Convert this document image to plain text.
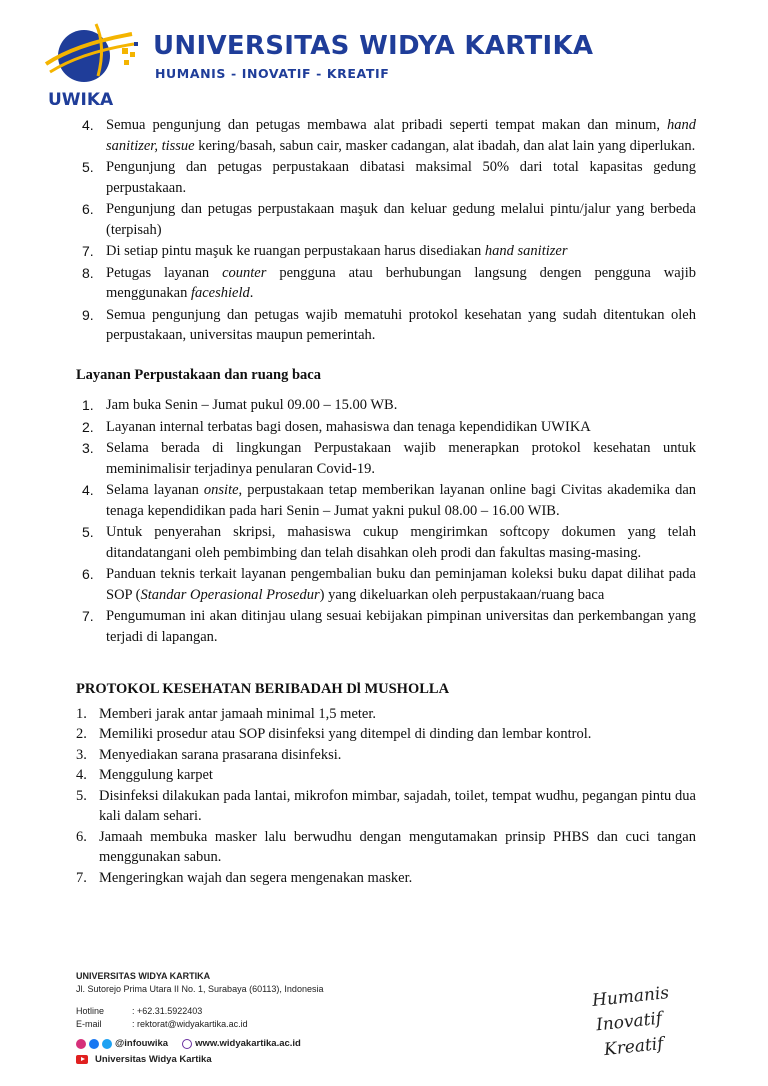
UWIKA
UNIVERSITAS WIDYA KARTIKA
HUMANIS - INOVATIF - KREATIF
4. Semua pengunjung dan petugas membawa alat pribadi seperti tempat makan dan minum, hand sanitizer, tissue kering/basah, sabun cair, masker cadangan, alat ibadah, dan alat lain yang diperlukan.
5. Pengunjung dan petugas perpustakaan dibatasi maksimal 50% dari total kapasitas gedung perpustakaan.
6. Pengunjung dan petugas perpustakaan maşuk dan keluar gedung melalui pintu/jalur yang berbeda (terpisah)
7. Di setiap pintu maşuk ke ruangan perpustakaan harus disediakan hand sanitizer
8. Petugas layanan counter pengguna atau berhubungan langsung dengen pengguna wajib menggunakan faceshield.
9. Semua pengunjung dan petugas wajib mematuhi protokol kesehatan yang sudah ditentukan oleh perpustakaan, universitas maupun pemerintah.
Layanan Perpustakaan dan ruang baca
1. Jam buka Senin – Jumat pukul 09.00 – 15.00 WB.
2. Layanan internal terbatas bagi dosen, mahasiswa dan tenaga kependidikan UWIKA
3. Selama berada di lingkungan Perpustakaan wajib menerapkan protokol kesehatan untuk meminimalisir terjadinya penularan Covid-19.
4. Selama layanan onsite, perpustakaan tetap memberikan layanan online bagi Civitas akademika dan tenaga kependidikan pada hari Senin – Jumat yakni pukul 08.00 – 16.00 WIB.
5. Untuk penyerahan skripsi, mahasiswa cukup mengirimkan softcopy dokumen yang telah ditandatangani oleh pembimbing dan telah disahkan oleh prodi dan fakultas masing-masing.
6. Panduan teknis terkait layanan pengembalian buku dan peminjaman koleksi buku dapat dilihat pada SOP (Standar Operasional Prosedur) yang dikeluarkan oleh perpustakaan/ruang baca
7. Pengumuman ini akan ditinjau ulang sesuai kebijakan pimpinan universitas dan perkembangan yang terjadi di lapangan.
PROTOKOL KESEHATAN BERIBADAH Dl MUSHOLLA
1. Memberi jarak antar jamaah minimal 1,5 meter.
2. Memiliki prosedur atau SOP disinfeksi yang ditempel di dinding dan lembar kontrol.
3. Menyediakan sarana prasarana disinfeksi.
4. Menggulung karpet
5. Disinfeksi dilakukan pada lantai, mikrofon mimbar, sajadah, toilet, tempat wudhu, pegangan pintu dua kali dalam sehari.
6. Jamaah membuka masker lalu berwudhu dengan mengutamakan prinsip PHBS dan cuci tangan menggunakan sabun.
7. Mengeringkan wajah dan segera mengenakan masker.
UNIVERSITAS WIDYA KARTIKA
Jl. Sutorejo Prima Utara II No. 1, Surabaya (60113), Indonesia
Hotline	: +62.31.5922403
E-mail	: rektorat@widyakartika.ac.id
@infouwika	www.widyakartika.ac.id
Universitas Widya Kartika
Humanis
Inovatif
Kreatif
